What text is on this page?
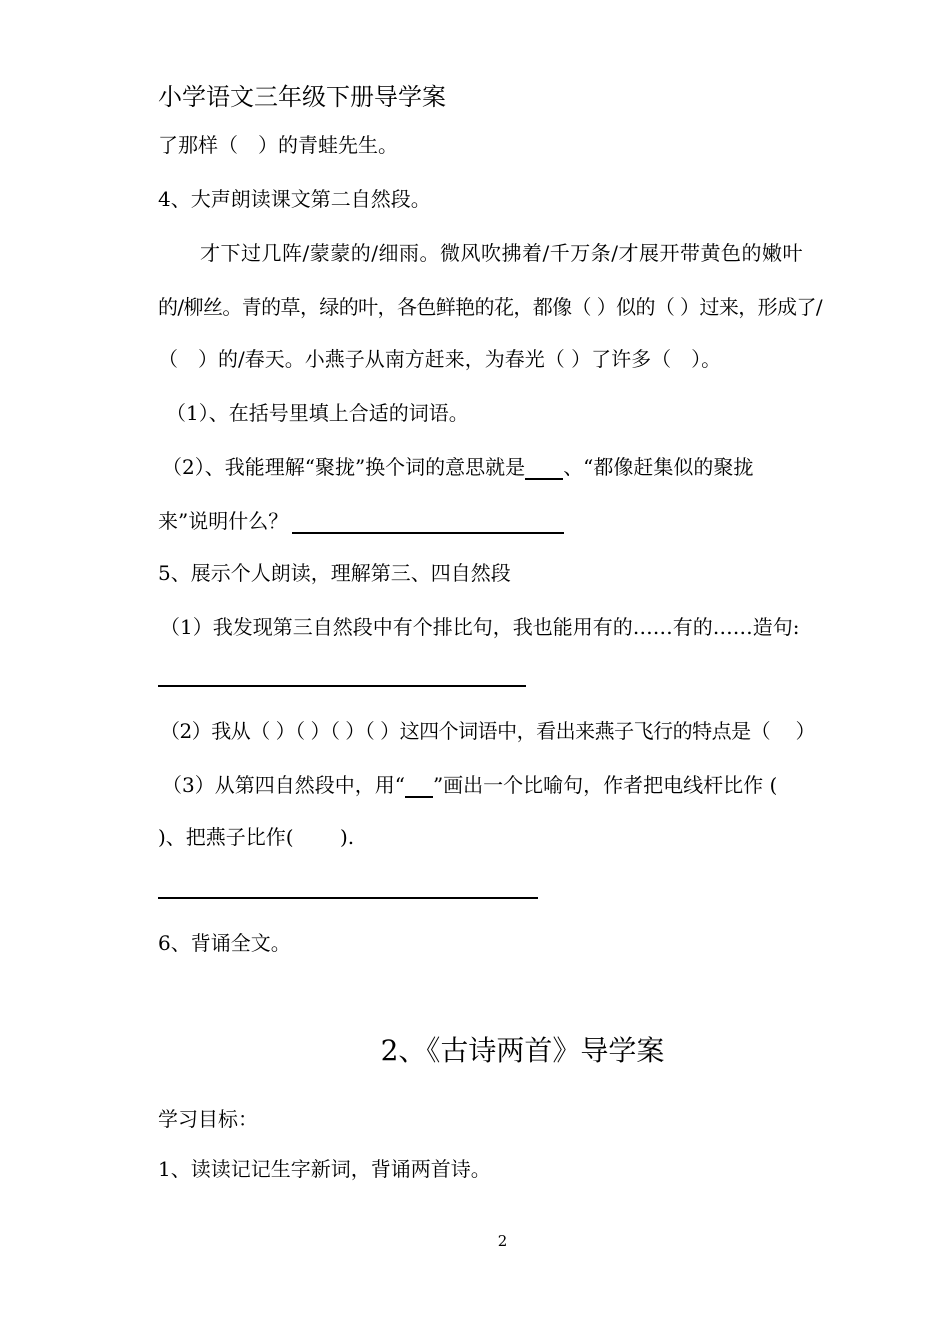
小学语文三年级下册导学案
了那样（　）的青蛙先生。
4、大声朗读课文第二自然段。
才下过几阵/蒙蒙的/细雨。微风吹拂着/千万条/才展开带黄色的嫩叶
的/柳丝。青的草，绿的叶，各色鲜艳的花，都像（ ）似的（ ）过来，形成了/
（　）的/春天。小燕子从南方赶来，为春光（ ）了许多（　）。
（1）、在括号里填上合适的词语。
（2）、我能理解“聚拢”换个词的意思就是 、“都像赶集似的聚拢
来”说明什么？
5、展示个人朗读，理解第三、四自然段
（1）我发现第三自然段中有个排比句，我也能用有的……有的……造句:
（2）我从（ ）（ ）（ ）（ ）这四个词语中，看出来燕子飞行的特点是（　 ）
（3）从第四自然段中，用“ ”画出一个比喻句，作者把电线杆比作 (
)、把燕子比作(　　 ).
6、背诵全文。
2、《古诗两首》导学案
学习目标：
1、读读记记生字新词，背诵两首诗。
2
